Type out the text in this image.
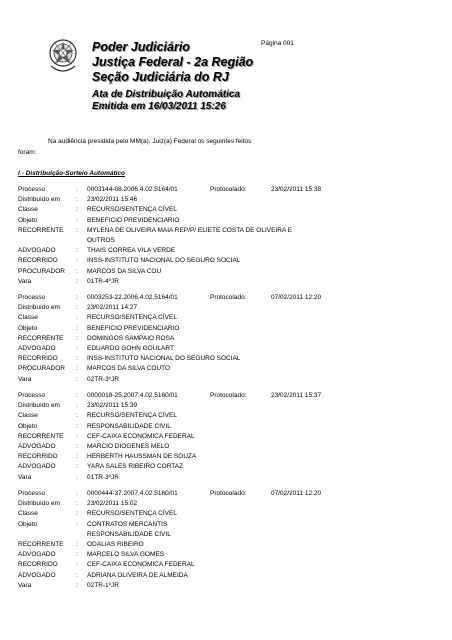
Poder Judiciário
Justiça Federal - 2a Região
Seção Judiciária do RJ
Ata de Distribuição Automática
Emitida em 16/03/2011 15:26
Página 001
Na audiência presidida pelo MM(a). Juiz(a) Federal os seguintes feitos
foram:
I - Distribuição-Sorteio Automático
Processo	: 0003144-08.2006.4.02.5164/01	Protocolado:	23/02/2011 15:38
Distribuído em : 23/02/2011 15:46
Classe	: RECURSO/SENTENÇA CÍVEL
Objeto	: BENEFICIO PREVIDENCIARIO
RECORRENTE : MYLENA DE OLIVEIRA MAIA REP/P/ ELIETE COSTA DE OLIVEIRA E OUTROS
ADVOGADO	: THAIS CORREA VILA VERDE
RECORRIDO	: INSS-INSTITUTO NACIONAL DO SEGURO SOCIAL
PROCURADOR : MARCOS DA SILVA COU
Vara	: 01TR-4ºJR
Processo	: 0003253-22.2006.4.02.5164/01	Protocolado:	07/02/2011 12:20
Distribuído em : 23/02/2011 14:27
Classe	: RECURSO/SENTENÇA CÍVEL
Objeto	: BENEFICIO PREVIDENCIARIO
RECORRENTE : DOMINGOS SAMPAIO ROSA
ADVOGADO	: EDUARDO GOHN GOULART
RECORRIDO	: INSS-INSTITUTO NACIONAL DO SEGURO SOCIAL
PROCURADOR : MARCOS DA SILVA COUTO
Vara	: 02TR-3ºJR
Processo	: 0000018-25.2007.4.02.5160/01	Protocolado:	23/02/2011 15:37
Distribuído em : 23/02/2011 15:39
Classe	: RECURSO/SENTENÇA CÍVEL
Objeto	: RESPONSABILIDADE CIVIL
RECORRENTE : CEF-CAIXA ECONOMICA FEDERAL
ADVOGADO	: MARCIO DIOGENES MELO
RECORRIDO	: HERBERTH HAUSSMAN DE SOUZA
ADVOGADO	: YARA SALES RIBEIRO CORTAZ
Vara	: 01TR-3ºJR
Processo	: 0000444-37.2007.4.02.5160/01	Protocolado:	07/02/2011 12:20
Distribuído em : 23/02/2011 15:02
Classe	: RECURSO/SENTENÇA CÍVEL
Objeto	: CONTRATOS MERCANTIS RESPONSABILIDADE CIVIL
RECORRENTE : ODALIAS RIBEIRO
ADVOGADO	: MARCELO SILVA GOMES
RECORRIDO	: CEF-CAIXA ECONOMICA FEDERAL
ADVOGADO	: ADRIANA OLIVEIRA DE ALMEIDA
Vara	: 02TR-1ºJR
